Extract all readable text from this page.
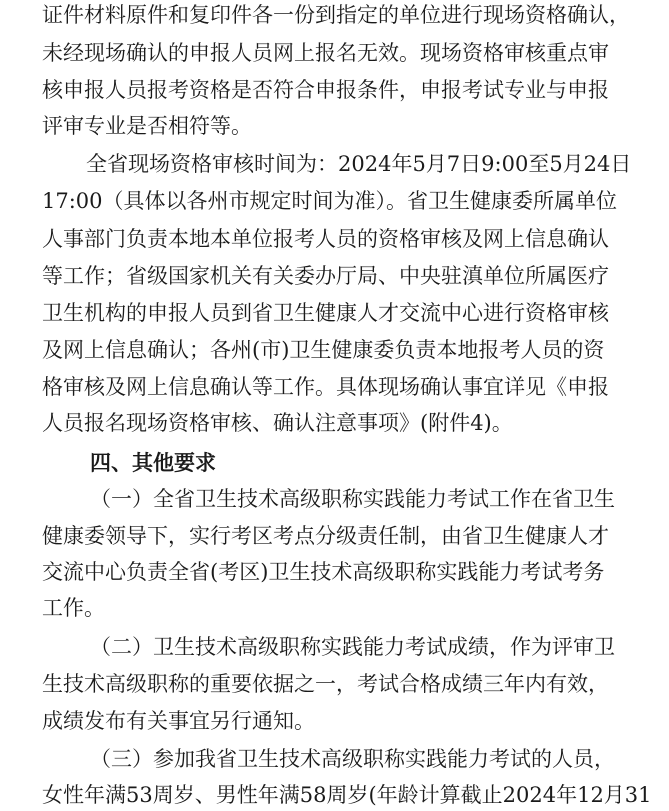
证件材料原件和复印件各一份到指定的单位进行现场资格确认，
未经现场确认的申报人员网上报名无效。现场资格审核重点审
核申报人员报考资格是否符合申报条件，申报考试专业与申报
评审专业是否相符等。
全省现场资格审核时间为：2024年5月7日9:00至5月24日
17:00（具体以各州市规定时间为准）。省卫生健康委所属单位
人事部门负责本地本单位报考人员的资格审核及网上信息确认
等工作；省级国家机关有关委办厅局、中央驻滇单位所属医疗
卫生机构的申报人员到省卫生健康人才交流中心进行资格审核
及网上信息确认；各州(市)卫生健康委负责本地报考人员的资
格审核及网上信息确认等工作。具体现场确认事宜详见《申报
人员报名现场资格审核、确认注意事项》(附件4)。
四、其他要求
（一）全省卫生技术高级职称实践能力考试工作在省卫生
健康委领导下，实行考区考点分级责任制，由省卫生健康人才
交流中心负责全省(考区)卫生技术高级职称实践能力考试考务
工作。
（二）卫生技术高级职称实践能力考试成绩，作为评审卫
生技术高级职称的重要依据之一，考试合格成绩三年内有效，
成绩发布有关事宜另行通知。
（三）参加我省卫生技术高级职称实践能力考试的人员，
女性年满53周岁、男性年满58周岁(年龄计算截止2024年12月31
